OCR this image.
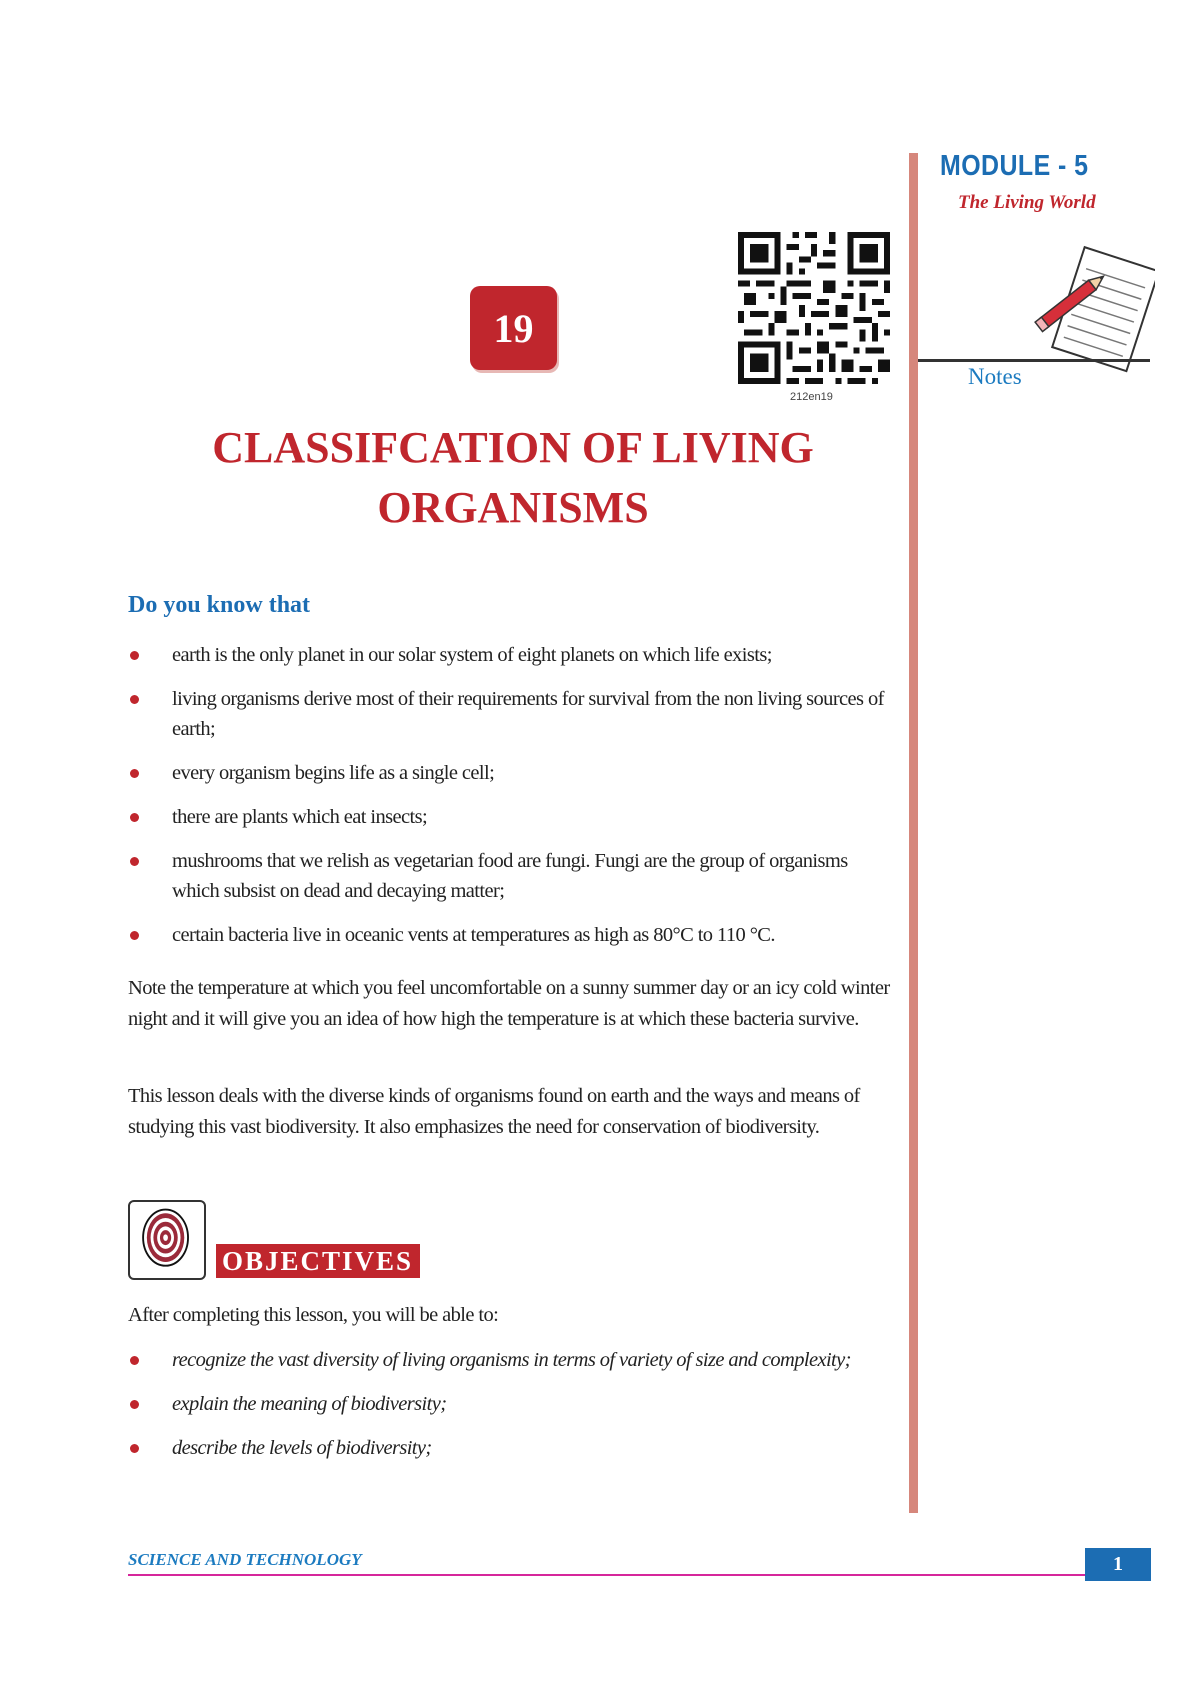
MODULE - 5
The Living World
Notes
19
212en19
CLASSIFCATION OF LIVING ORGANISMS
Do you know that
earth is the only planet in our solar system of eight planets on which life exists;
living organisms derive most of their requirements for survival from the non living sources of earth;
every organism begins life as a single cell;
there are plants which eat insects;
mushrooms that we relish as vegetarian food are fungi. Fungi are the group of organisms which subsist on dead and decaying matter;
certain bacteria live in oceanic vents at temperatures as high as 80°C to 110 °C.

Note the temperature at which you feel uncomfortable on a sunny summer day or an icy cold winter night and it will give you an idea of how high the temperature is at which these bacteria survive.

This lesson deals with the diverse kinds of organisms found on earth and the ways and means of studying this vast biodiversity. It also emphasizes the need for conservation of biodiversity.

OBJECTIVES

After completing this lesson, you will be able to:

recognize the vast diversity of living organisms in terms of variety of size and complexity;
explain the meaning of biodiversity;
describe the levels of biodiversity;
SCIENCE AND TECHNOLOGY	1
